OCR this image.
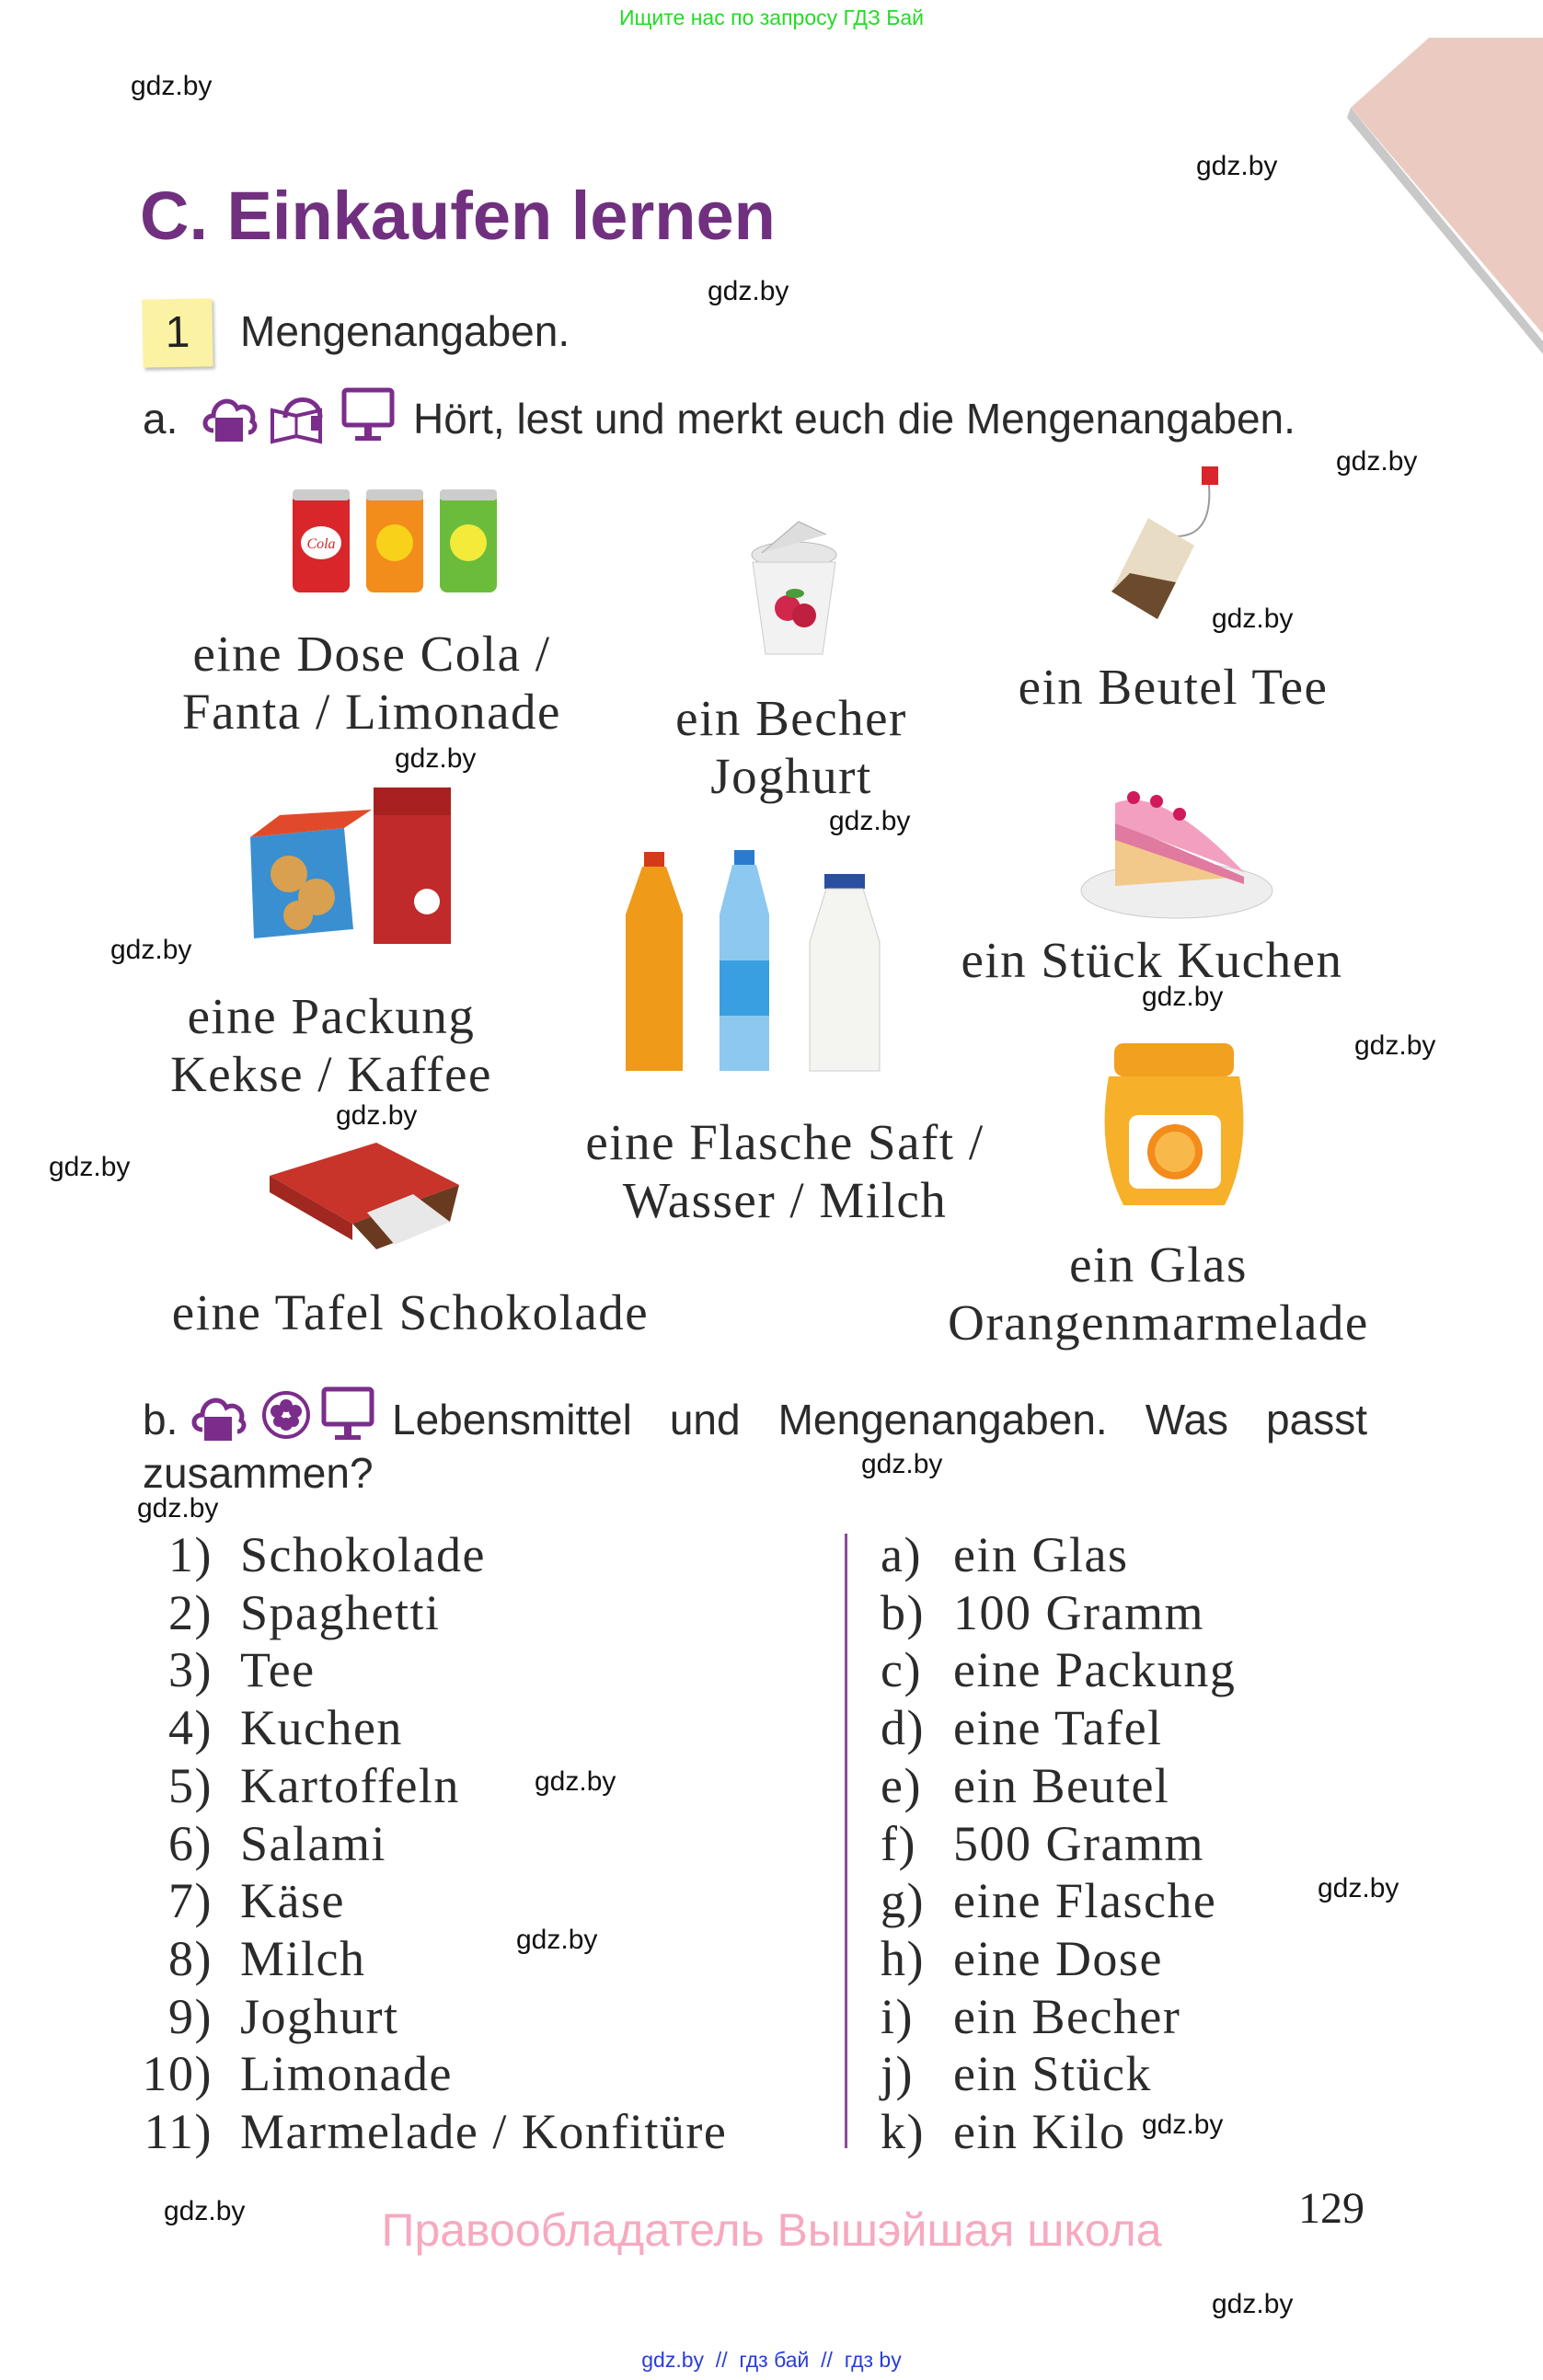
Ищите нас по запросу ГДЗ Бай
gdz.by
gdz.by
gdz.by
gdz.by
gdz.by
gdz.by
gdz.by
gdz.by
gdz.by
gdz.by
gdz.by
gdz.by
gdz.by
gdz.by
gdz.by
gdz.by
gdz.by
gdz.by
gdz.by
gdz.by
C. Einkaufen lernen
1	Mengenangaben.
a.	Hört, lest und merkt euch die Mengenangaben.
Cola
eine Dose Cola /
Fanta / Limonade ein Becher
Joghurt
ein Beutel Tee
eine Packung
Kekse / Kaffee
ein Stück Kuchen
eine Flasche Saft /
Wasser / Milch
eine Tafel Schokolade
ein Glas
Orangenmarmelade
b.	Lebensmittel und Mengenangaben. Was passt
zusammen?
1) Schokolade
2) Spaghetti
3) Tee
4) Kuchen
5) Kartoffeln
6) Salami
7) Käse
8) Milch
9) Joghurt
10) Limonade
11) Marmelade / Konfitüre
a) ein Glas
b) 100 Gramm
c) eine Packung
d) eine Tafel
e) ein Beutel
f) 500 Gramm
g) eine Flasche
h) eine Dose
i) ein Becher
j) ein Stück
k) ein Kilo
129
Правообладатель Вышэйшая школа
gdz.by  //  гдз бай  //  гдз by
